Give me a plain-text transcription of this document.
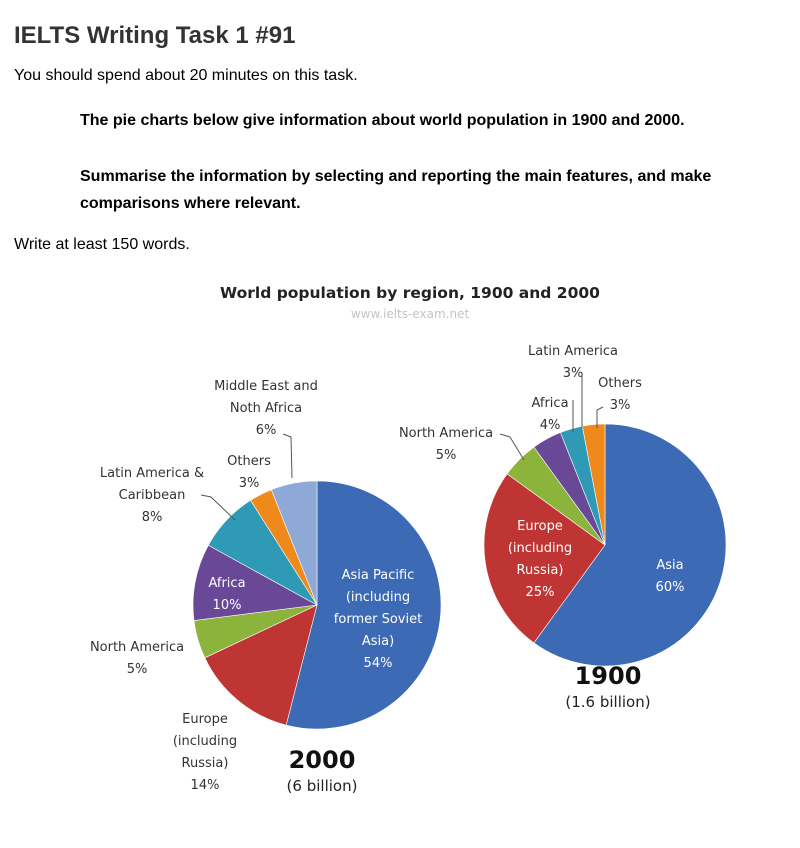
IELTS Writing Task 1 #91
You should spend about 20 minutes on this task.
The pie charts below give information about world population in 1900 and 2000.
Summarise the information by selecting and reporting the main features, and make comparisons where relevant.
Write at least 150 words.
World population by region, 1900 and 2000
www.ielts-exam.net
2000
(6 billion)
Asia Pacific (including former Soviet Asia) 54%
Europe (including Russia) 14%
North America 5%
Africa 10%
Latin America & Caribbean 8%
Others 3%
Middle East and Noth Africa 6%
1900
(1.6 billion)
Asia 60%
Europe (including Russia) 25%
North America 5%
Africa 4%
Latin America 3%
Others 3%
